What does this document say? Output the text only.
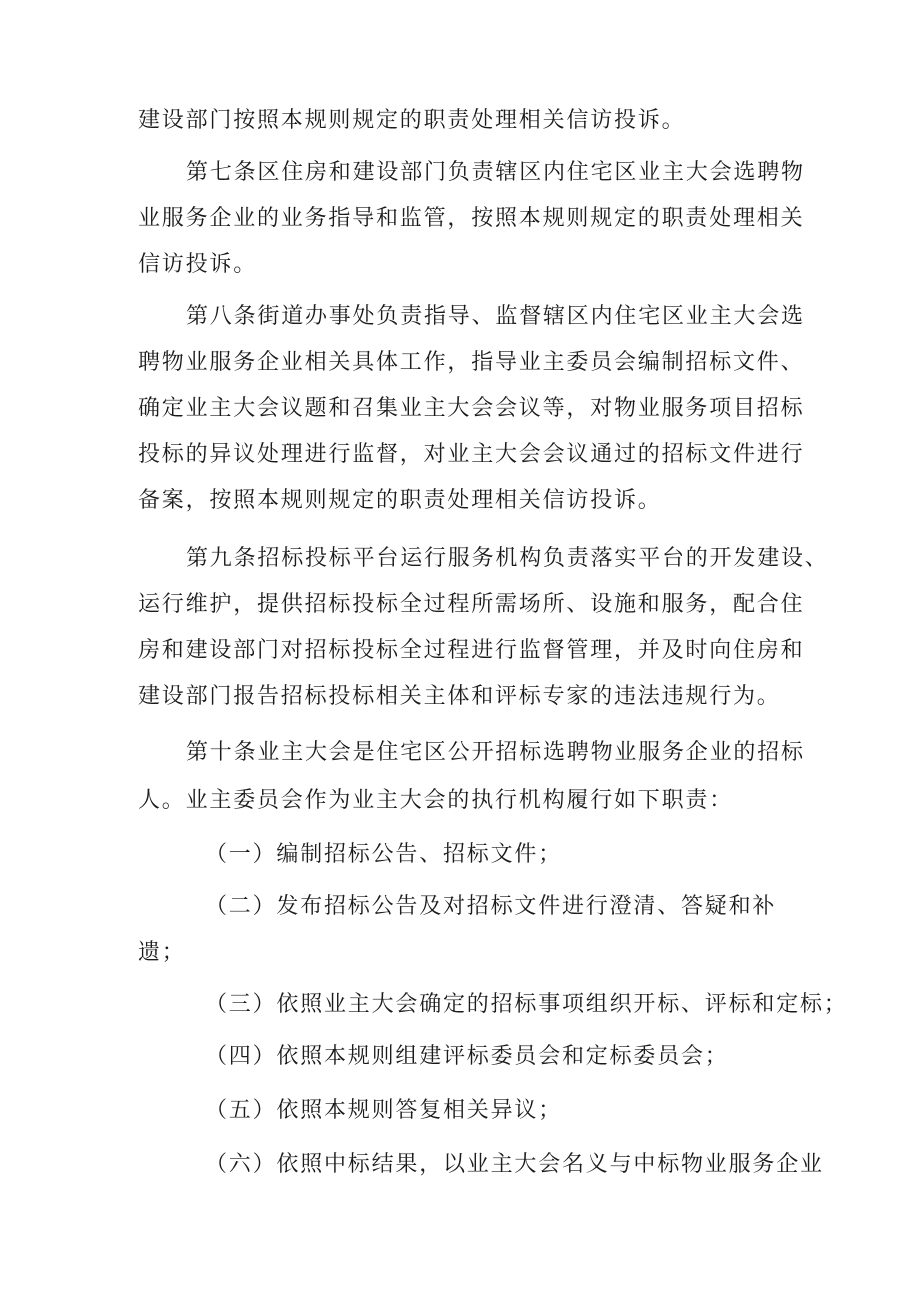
建设部门按照本规则规定的职责处理相关信访投诉。
第七条区住房和建设部门负责辖区内住宅区业主大会选聘物
业服务企业的业务指导和监管，按照本规则规定的职责处理相关
信访投诉。
第八条街道办事处负责指导、监督辖区内住宅区业主大会选
聘物业服务企业相关具体工作，指导业主委员会编制招标文件、
确定业主大会议题和召集业主大会会议等，对物业服务项目招标
投标的异议处理进行监督，对业主大会会议通过的招标文件进行
备案，按照本规则规定的职责处理相关信访投诉。
第九条招标投标平台运行服务机构负责落实平台的开发建设、
运行维护，提供招标投标全过程所需场所、设施和服务，配合住
房和建设部门对招标投标全过程进行监督管理，并及时向住房和
建设部门报告招标投标相关主体和评标专家的违法违规行为。
第十条业主大会是住宅区公开招标选聘物业服务企业的招标
人。业主委员会作为业主大会的执行机构履行如下职责：
（一）编制招标公告、招标文件；
（二）发布招标公告及对招标文件进行澄清、答疑和补
遗；
（三）依照业主大会确定的招标事项组织开标、评标和定标；
（四）依照本规则组建评标委员会和定标委员会；
（五）依照本规则答复相关异议；
（六）依照中标结果，以业主大会名义与中标物业服务企业
